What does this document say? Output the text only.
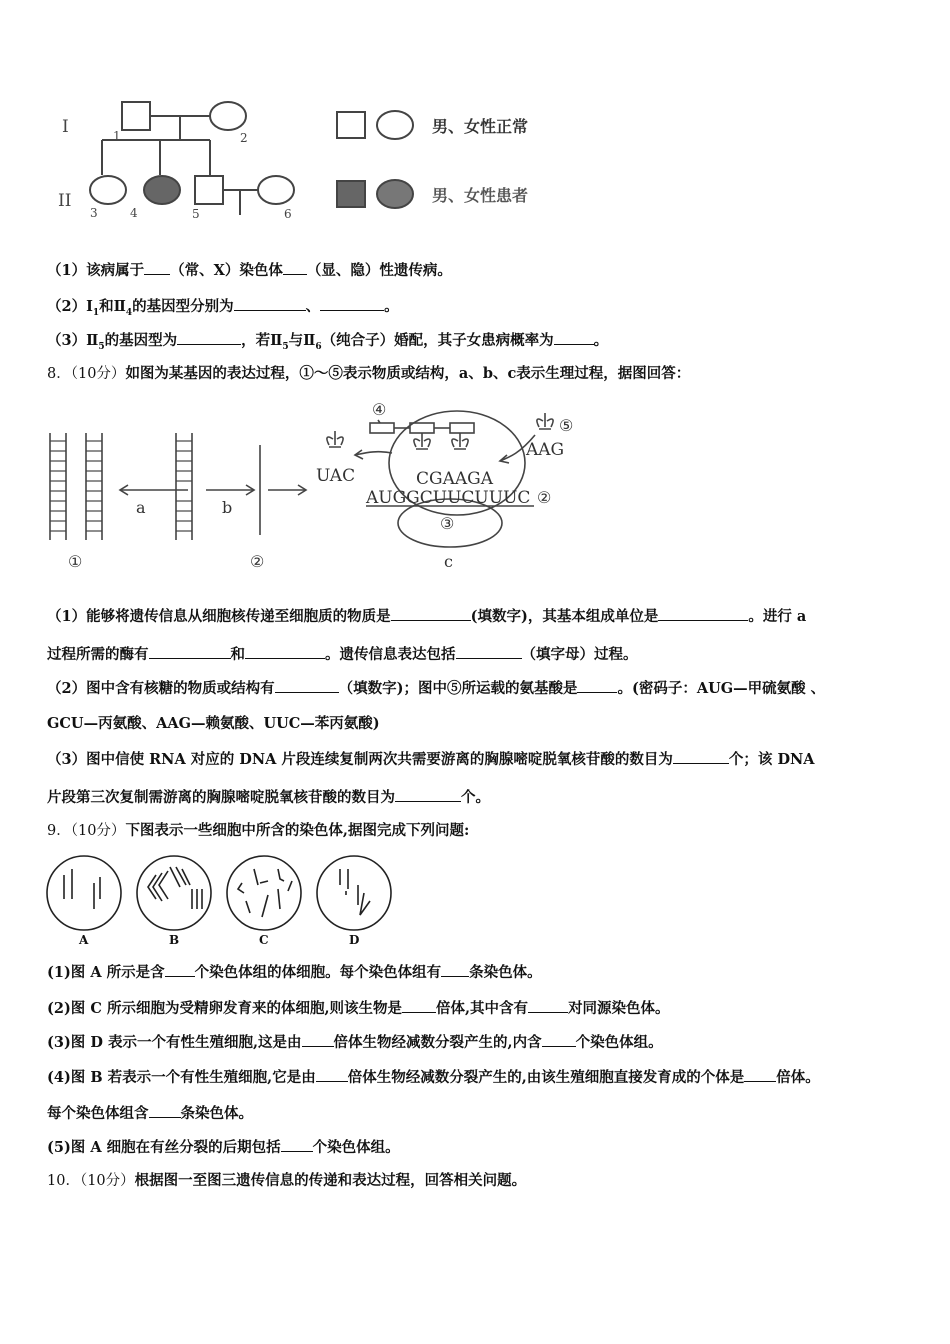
I
II
1	2
3	4	5	6
男、女性正常
男、女性患者
（1）该病属于 （常、X）染色体 （显、隐）性遗传病。
$(2)Ⅰ_1$和$Ⅱ_4$的基因型分别为	、	。
$(3)Ⅱ_5$的基因型为	，若$Ⅱ_5$与$Ⅱ_6$（纯合子）婚配，其子女患病概率为	。
8．（10分）如图为某基因的表达过程，①～⑤表示物质或结构，a、b、c表示生理过程，据图回答：
①
a	b
②
④
⑤
UAC
AAG
CGAAGA
AUGGCUUCUUUC ②
③
c
（1）能够将遗传信息从细胞核传递至细胞质的物质是	(填数字)，其基本组成单位是	。进行 a
过程所需的酶有	和	。遗传信息表达包括	（填字母）过程。
（2）图中含有核糖的物质或结构有	（填数字)；图中⑤所运载的氨基酸是	。(密码子：AUG—甲硫氨酸 、
GCU—丙氨酸、AAG—赖氨酸、UUC—苯丙氨酸)
（3）图中信使 RNA 对应的 DNA 片段连续复制两次共需要游离的胸腺嘧啶脱氧核苷酸的数目为	个；该 DNA
片段第三次复制需游离的胸腺嘧啶脱氧核苷酸的数目为	个。
9．（10分）下图表示一些细胞中所含的染色体,据图完成下列问题:
A	B	C	D
(1)图 A 所示是含 个染色体组的体细胞。每个染色体组有 条染色体。
(2)图 C 所示细胞为受精卵发育来的体细胞,则该生物是 倍体,其中含有	对同源染色体。
(3)图 D 表示一个有性生殖细胞,这是由 倍体生物经减数分裂产生的,内含 个染色体组。
(4)图 B 若表示一个有性生殖细胞,它是由 倍体生物经减数分裂产生的,由该生殖细胞直接发育成的个体是 倍体。
每个染色体组含 条染色体。
(5)图 A 细胞在有丝分裂的后期包括 个染色体组。
10．（10分）根据图一至图三遗传信息的传递和表达过程，回答相关问题。
